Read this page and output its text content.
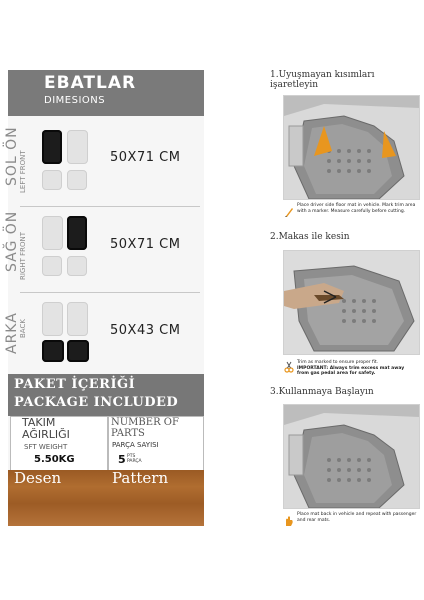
EBATLAR
DIMESIONS
SOL ÖN LEFT FRONT	50X71 CM
SAĞ ÖN RIGHT FRONT	50X71 CM
ARKA BACK	50X43 CM
PAKET İÇERİĞİ
PACKAGE INCLUDED
TAKIM
AĞIRLIĞI
SFT WEIGHT
5.50KG
NUMBER OF
PARTS
PARÇA SAYISI
5 PTS
PARÇA
Desen	Pattern
1.Uyuşmayan kısımları işaretleyin
Place driver side floor mat in vehicle. Mark trim area with a marker. Measure carefully before cutting.
2.Makas ile kesin
Trim as marked to ensure proper fit.
IMPORTANT: Always trim excess mat away from gas pedal area for safety.
3.Kullanmaya Başlayın
Place mat back in vehicle and repeat with passenger and rear mats.
